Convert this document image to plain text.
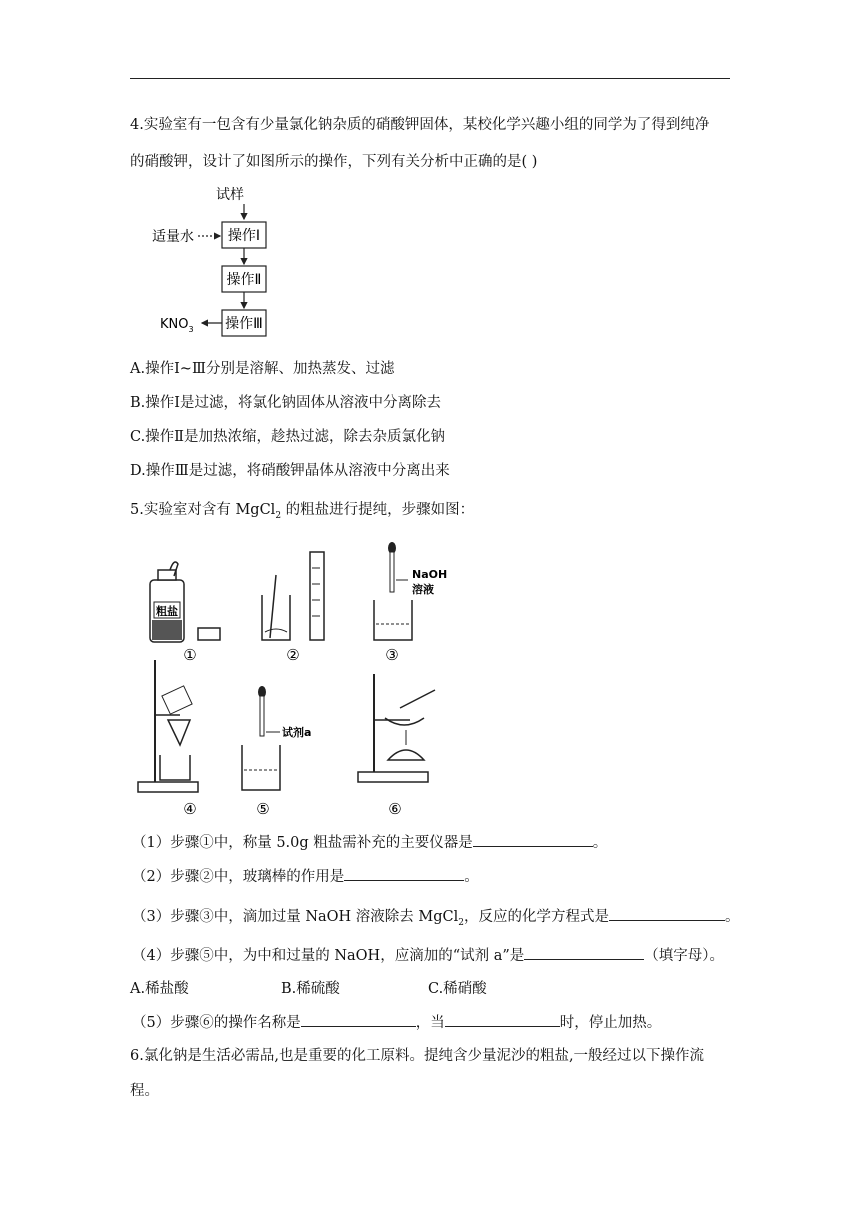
4.实验室有一包含有少量氯化钠杂质的硝酸钾固体，某校化学兴趣小组的同学为了得到纯净
的硝酸钾，设计了如图所示的操作，下列有关分析中正确的是( )
试样
适量水 操作Ⅰ
操作Ⅱ
操作Ⅲ
$KNO_3$
A.操作Ⅰ~Ⅲ分别是溶解、加热蒸发、过滤
B.操作Ⅰ是过滤，将氯化钠固体从溶液中分离除去
C.操作Ⅱ是加热浓缩，趁热过滤，除去杂质氯化钠
D.操作Ⅲ是过滤，将硝酸钾晶体从溶液中分离出来
5.实验室对含有 MgCl$_2$ 的粗盐进行提纯，步骤如图：
粗盐
NaOH
溶液
试剂a
①	②	③
④	⑤	⑥
（1）步骤①中，称量 5.0g 粗盐需补充的主要仪器是	。
（2）步骤②中，玻璃棒的作用是	。
（3）步骤③中，滴加过量 NaOH 溶液除去 MgCl$_2$，反应的化学方程式是	。
（4）步骤⑤中，为中和过量的 NaOH，应滴加的“试剂 a”是	（填字母）。
A.稀盐酸	B.稀硫酸	C.稀硝酸
（5）步骤⑥的操作名称是	，当	时，停止加热。
6.氯化钠是生活必需品,也是重要的化工原料。提纯含少量泥沙的粗盐,一般经过以下操作流
程。
